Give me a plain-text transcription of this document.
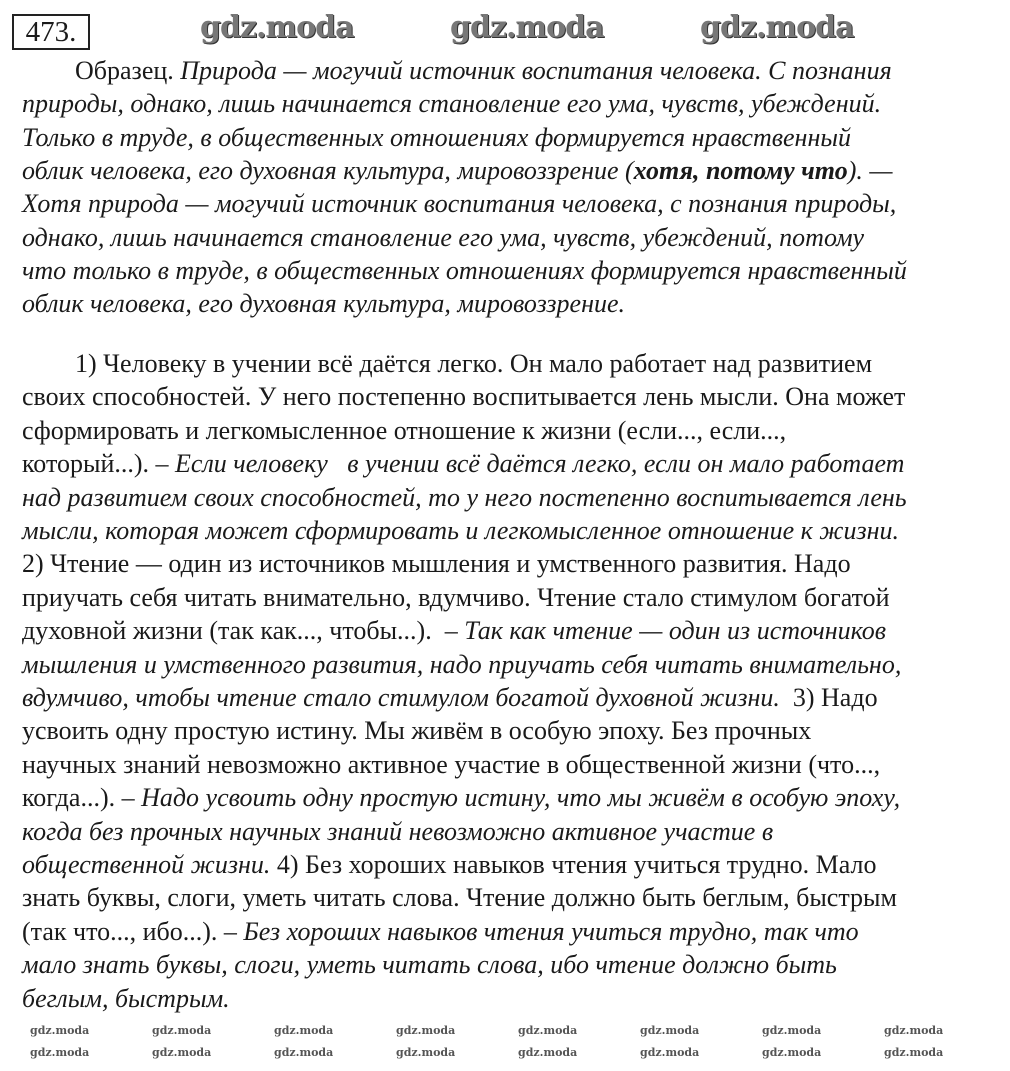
473.
Образец. Природа — могучий источник воспитания человека. С познания
природы, однако, лишь начинается становление его ума, чувств, убеждений.
Только в труде, в общественных отношениях формируется нравственный
облик человека, его духовная культура, мировоззрение (хотя, потому что). —
Хотя природа — могучий источник воспитания человека, с познания природы,
однако, лишь начинается становление его ума, чувств, убеждений, потому
что только в труде, в общественных отношениях формируется нравственный
облик человека, его духовная культура, мировоззрение.
1) Человеку в учении всё даётся легко. Он мало работает над развитием
своих способностей. У него постепенно воспитывается лень мысли. Она может
сформировать и легкомысленное отношение к жизни (если..., если...,
который...). – Если человеку   в учении всё даётся легко, если он мало работает
над развитием своих способностей, то у него постепенно воспитывается лень
мысли, которая может сформировать и легкомысленное отношение к жизни.
2) Чтение — один из источников мышления и умственного развития. Надо
приучать себя читать внимательно, вдумчиво. Чтение стало стимулом богатой
духовной жизни (так как..., чтобы...).  – Так как чтение — один из источников
мышления и умственного развития, надо приучать себя читать внимательно,
вдумчиво, чтобы чтение стало стимулом богатой духовной жизни.  3) Надо
усвоить одну простую истину. Мы живём в особую эпоху. Без прочных
научных знаний невозможно активное участие в общественной жизни (что...,
когда...). – Надо усвоить одну простую истину, что мы живём в особую эпоху,
когда без прочных научных знаний невозможно активное участие в
общественной жизни. 4) Без хороших навыков чтения учиться трудно. Мало
знать буквы, слоги, уметь читать слова. Чтение должно быть беглым, быстрым
(так что..., ибо...). – Без хороших навыков чтения учиться трудно, так что
мало знать буквы, слоги, уметь читать слова, ибо чтение должно быть
беглым, быстрым.
gdz.moda	gdz.moda	gdz.moda
gdz.moda	gdz.moda	gdz.moda	gdz.moda	gdz.moda	gdz.moda	gdz.moda	gdz.moda
gdz.moda	gdz.moda	gdz.moda	gdz.moda	gdz.moda	gdz.moda	gdz.moda	gdz.moda
